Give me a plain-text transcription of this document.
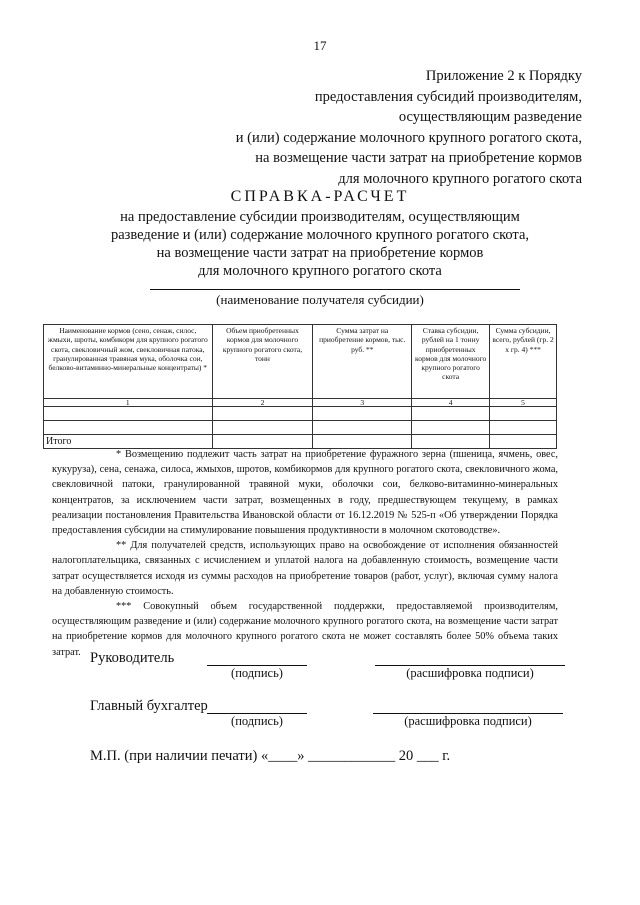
17
Приложение 2 к Порядку
предоставления субсидий производителям,
осуществляющим разведение
и (или) содержание молочного крупного рогатого скота,
на возмещение части затрат на приобретение кормов
для молочного крупного рогатого скота
СПРАВКА-РАСЧЕТ
на предоставление субсидии производителям, осуществляющим
разведение и (или) содержание молочного крупного рогатого скота,
на возмещение части затрат на приобретение кормов
для молочного крупного рогатого скота
(наименование получателя субсидии)
Наименование кормов (сено, сенаж, силос, жмыхи, шроты, комбикорм для крупного рогатого скота, свекловичный жом, свекловичная патока, гранулированная травяная мука, оболочка сои, белково-витаминно-минеральные концентраты) *	Объем приобретенных кормов для молочного крупного рогатого скота, тонн	Сумма затрат на приобретение кормов, тыс. руб. **	Ставка субсидии, рублей на 1 тонну приобретенных кормов для молочного крупного рогатого скота	Сумма субсидии, всего, рублей (гр. 2 х гр. 4) ***
1	2	3	4	5

Итого				

* Возмещению подлежит часть затрат на приобретение фуражного зерна (пшеница, ячмень, овес, кукуруза), сена, сенажа, силоса, жмыхов, шротов, комбикормов для крупного рогатого скота, свекловичного жома, свекловичной патоки, гранулированной травяной муки, оболочки сои, белково-витаминно-минеральных концентратов, за исключением части затрат, возмещенных в году, предшествующем текущему, в рамках реализации постановления Правительства Ивановской области от 16.12.2019 № 525-п «Об утверждении Порядка предоставления субсидии на стимулирование повышения продуктивности в молочном скотоводстве».

** Для получателей средств, использующих право на освобождение от исполнения обязанностей налогоплательщика, связанных с исчислением и уплатой налога на добавленную стоимость, возмещение части затрат осуществляется исходя из суммы расходов на приобретение товаров (работ, услуг), включая сумму налога на добавленную стоимость.

*** Совокупный объем государственной поддержки, предоставляемой производителям, осуществляющим разведение и (или) содержание молочного крупного рогатого скота, на возмещение части затрат на приобретение кормов для молочного крупного рогатого скота не может составлять более 50% объема таких затрат. Руководитель
(подпись)	(расшифровка подписи)
Главный бухгалтер
(подпись)	(расшифровка подписи)
М.П. (при наличии печати) «____» ____________ 20 ___ г.
